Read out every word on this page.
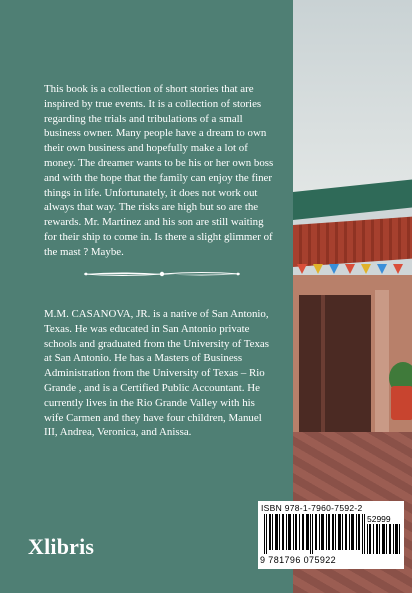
This book is a collection of short stories that are inspired by true events. It is a collection of stories regarding the trials and tribulations of a small business owner. Many people have a dream to own their own business and hopefully make a lot of money. The dreamer wants to be his or her own boss and with the hope that the family can enjoy the finer things in life. Unfortunately, it does not work out always that way. The risks are high but so are the rewards. Mr. Martinez and his son are still waiting for their ship to come in. Is there a slight glimmer of the mast ? Maybe.
M.M. CASANOVA, JR. is a native of San Antonio, Texas. He was educated in San Antonio private schools and graduated from the University of Texas at San Antonio. He has a Masters of Business Administration from the University of Texas – Rio Grande , and is a Certified Public Accountant. He currently lives in the Rio Grande Valley with his wife Carmen and they have four children, Manuel III, Andrea, Veronica, and Anissa.
Xlibris
ISBN 978-1-7960-7592-2
52999
9 781796 075922
